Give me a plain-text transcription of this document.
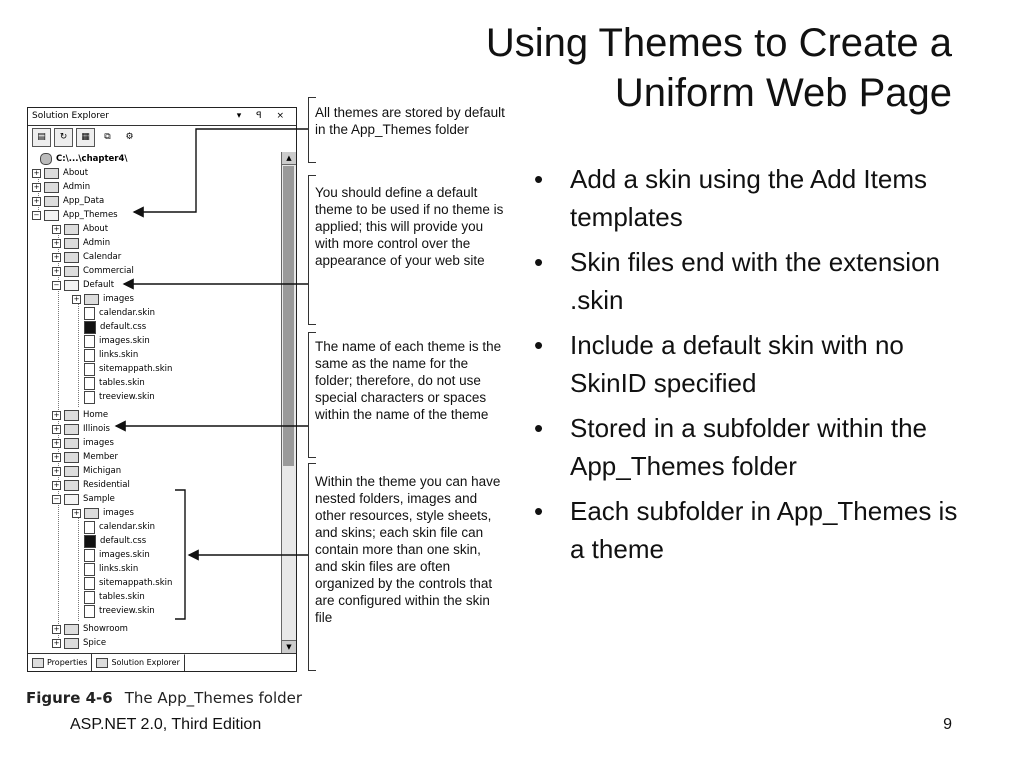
Using Themes to Create a
Uniform Web Page
• Add a skin using the Add Items templates
• Skin files end with the extension .skin
• Include a default skin with no SkinID specified
• Stored in a subfolder within the App_Themes folder
• Each subfolder in App_Themes is a theme
Solution Explorer	▾ ꟼ ×
▤	↻	▦	⧉	⚙
C:\...\chapter4\
+	About
+	Admin
+	App_Data
−	App_Themes
+	About
+	Admin
+	Calendar
+	Commercial
−	Default
+	images
calendar.skin
default.css
images.skin
links.skin
sitemappath.skin
tables.skin
treeview.skin
+	Home
+	Illinois
+	images
+	Member
+	Michigan
+	Residential
−	Sample
+	images
calendar.skin
default.css
images.skin
links.skin
sitemappath.skin
tables.skin
treeview.skin
+	Showroom
+	Spice
▲
▼
Properties	Solution Explorer

All themes are stored by default in the App_Themes folder

You should define a default theme to be used if no theme is applied; this will provide you with more control over the appearance of your web site

The name of each theme is the same as the name for the folder; therefore, do not use special characters or spaces within the name of the theme

Within the theme you can have nested folders, images and other resources, style sheets, and skins; each skin file can contain more than one skin, and skin files are often organized by the controls that are configured within the skin file

Figure 4-6 The App_Themes folder
ASP.NET 2.0, Third Edition	9
